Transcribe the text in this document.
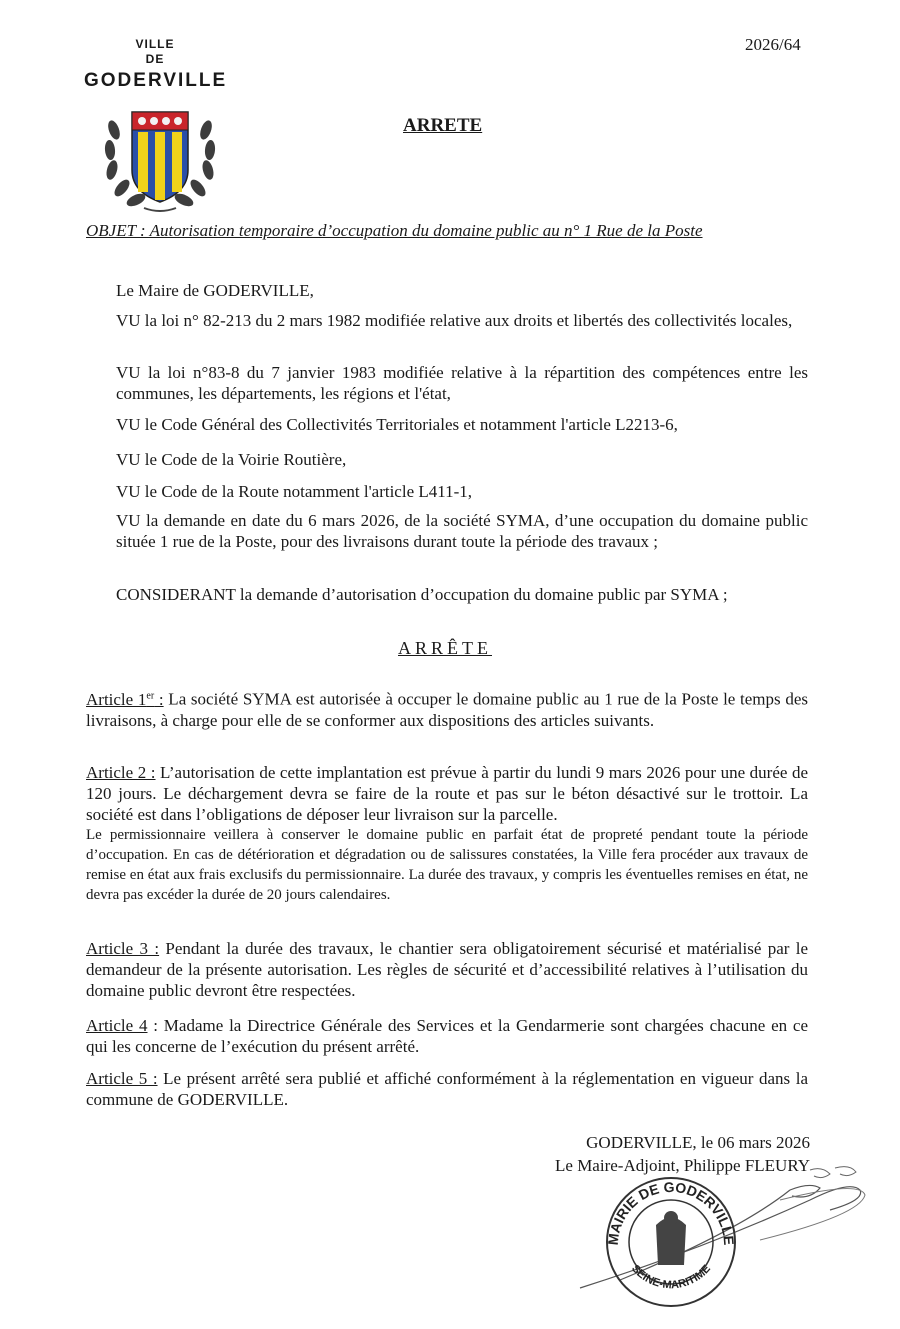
VILLE
DE
GODERVILLE
2026/64
ARRETE
OBJET : Autorisation temporaire d’occupation du domaine public au n° 1 Rue de la Poste
Le Maire de GODERVILLE,
VU la loi n° 82-213 du 2 mars 1982 modifiée relative aux droits et libertés des collectivités locales,
VU la loi n°83-8 du 7 janvier 1983 modifiée relative à la répartition des compétences entre les communes, les départements, les régions et l'état,
VU le Code Général des Collectivités Territoriales et notamment l'article L2213-6,
VU le Code de la Voirie Routière,
VU le Code de la Route notamment l'article L411-1,
VU la demande en date du 6 mars 2026, de la société SYMA, d’une occupation du domaine public située 1 rue de la Poste, pour des livraisons durant toute la période des travaux ;
CONSIDERANT la demande d’autorisation d’occupation du domaine public par SYMA ;
ARRÊTE
Article 1er : La société SYMA est autorisée à occuper le domaine public au 1 rue de la Poste le temps des livraisons, à charge pour elle de se conformer aux dispositions des articles suivants.
Article 2 : L’autorisation de cette implantation est prévue à partir du lundi 9 mars 2026 pour une durée de 120 jours. Le déchargement devra se faire de la route et pas sur le béton désactivé sur le trottoir. La société est dans l’obligations de déposer leur livraison sur la parcelle.
Le permissionnaire veillera à conserver le domaine public en parfait état de propreté pendant toute la période d’occupation. En cas de détérioration et dégradation ou de salissures constatées, la Ville fera procéder aux travaux de remise en état aux frais exclusifs du permissionnaire. La durée des travaux, y compris les éventuelles remises en état, ne devra pas excéder la durée de 20 jours calendaires.
Article 3 : Pendant la durée des travaux, le chantier sera obligatoirement sécurisé et matérialisé par le demandeur de la présente autorisation. Les règles de sécurité et d’accessibilité relatives à l’utilisation du domaine public devront être respectées.
Article 4 : Madame la Directrice Générale des Services et la Gendarmerie sont chargées chacune en ce qui les concerne de l’exécution du présent arrêté.
Article 5 : Le présent arrêté sera publié et affiché conformément à la réglementation en vigueur dans la commune de GODERVILLE.
GODERVILLE, le 06 mars 2026
Le Maire-Adjoint, Philippe FLEURY
MAIRIE DE GODERVILLE
SEINE-MARITIME
